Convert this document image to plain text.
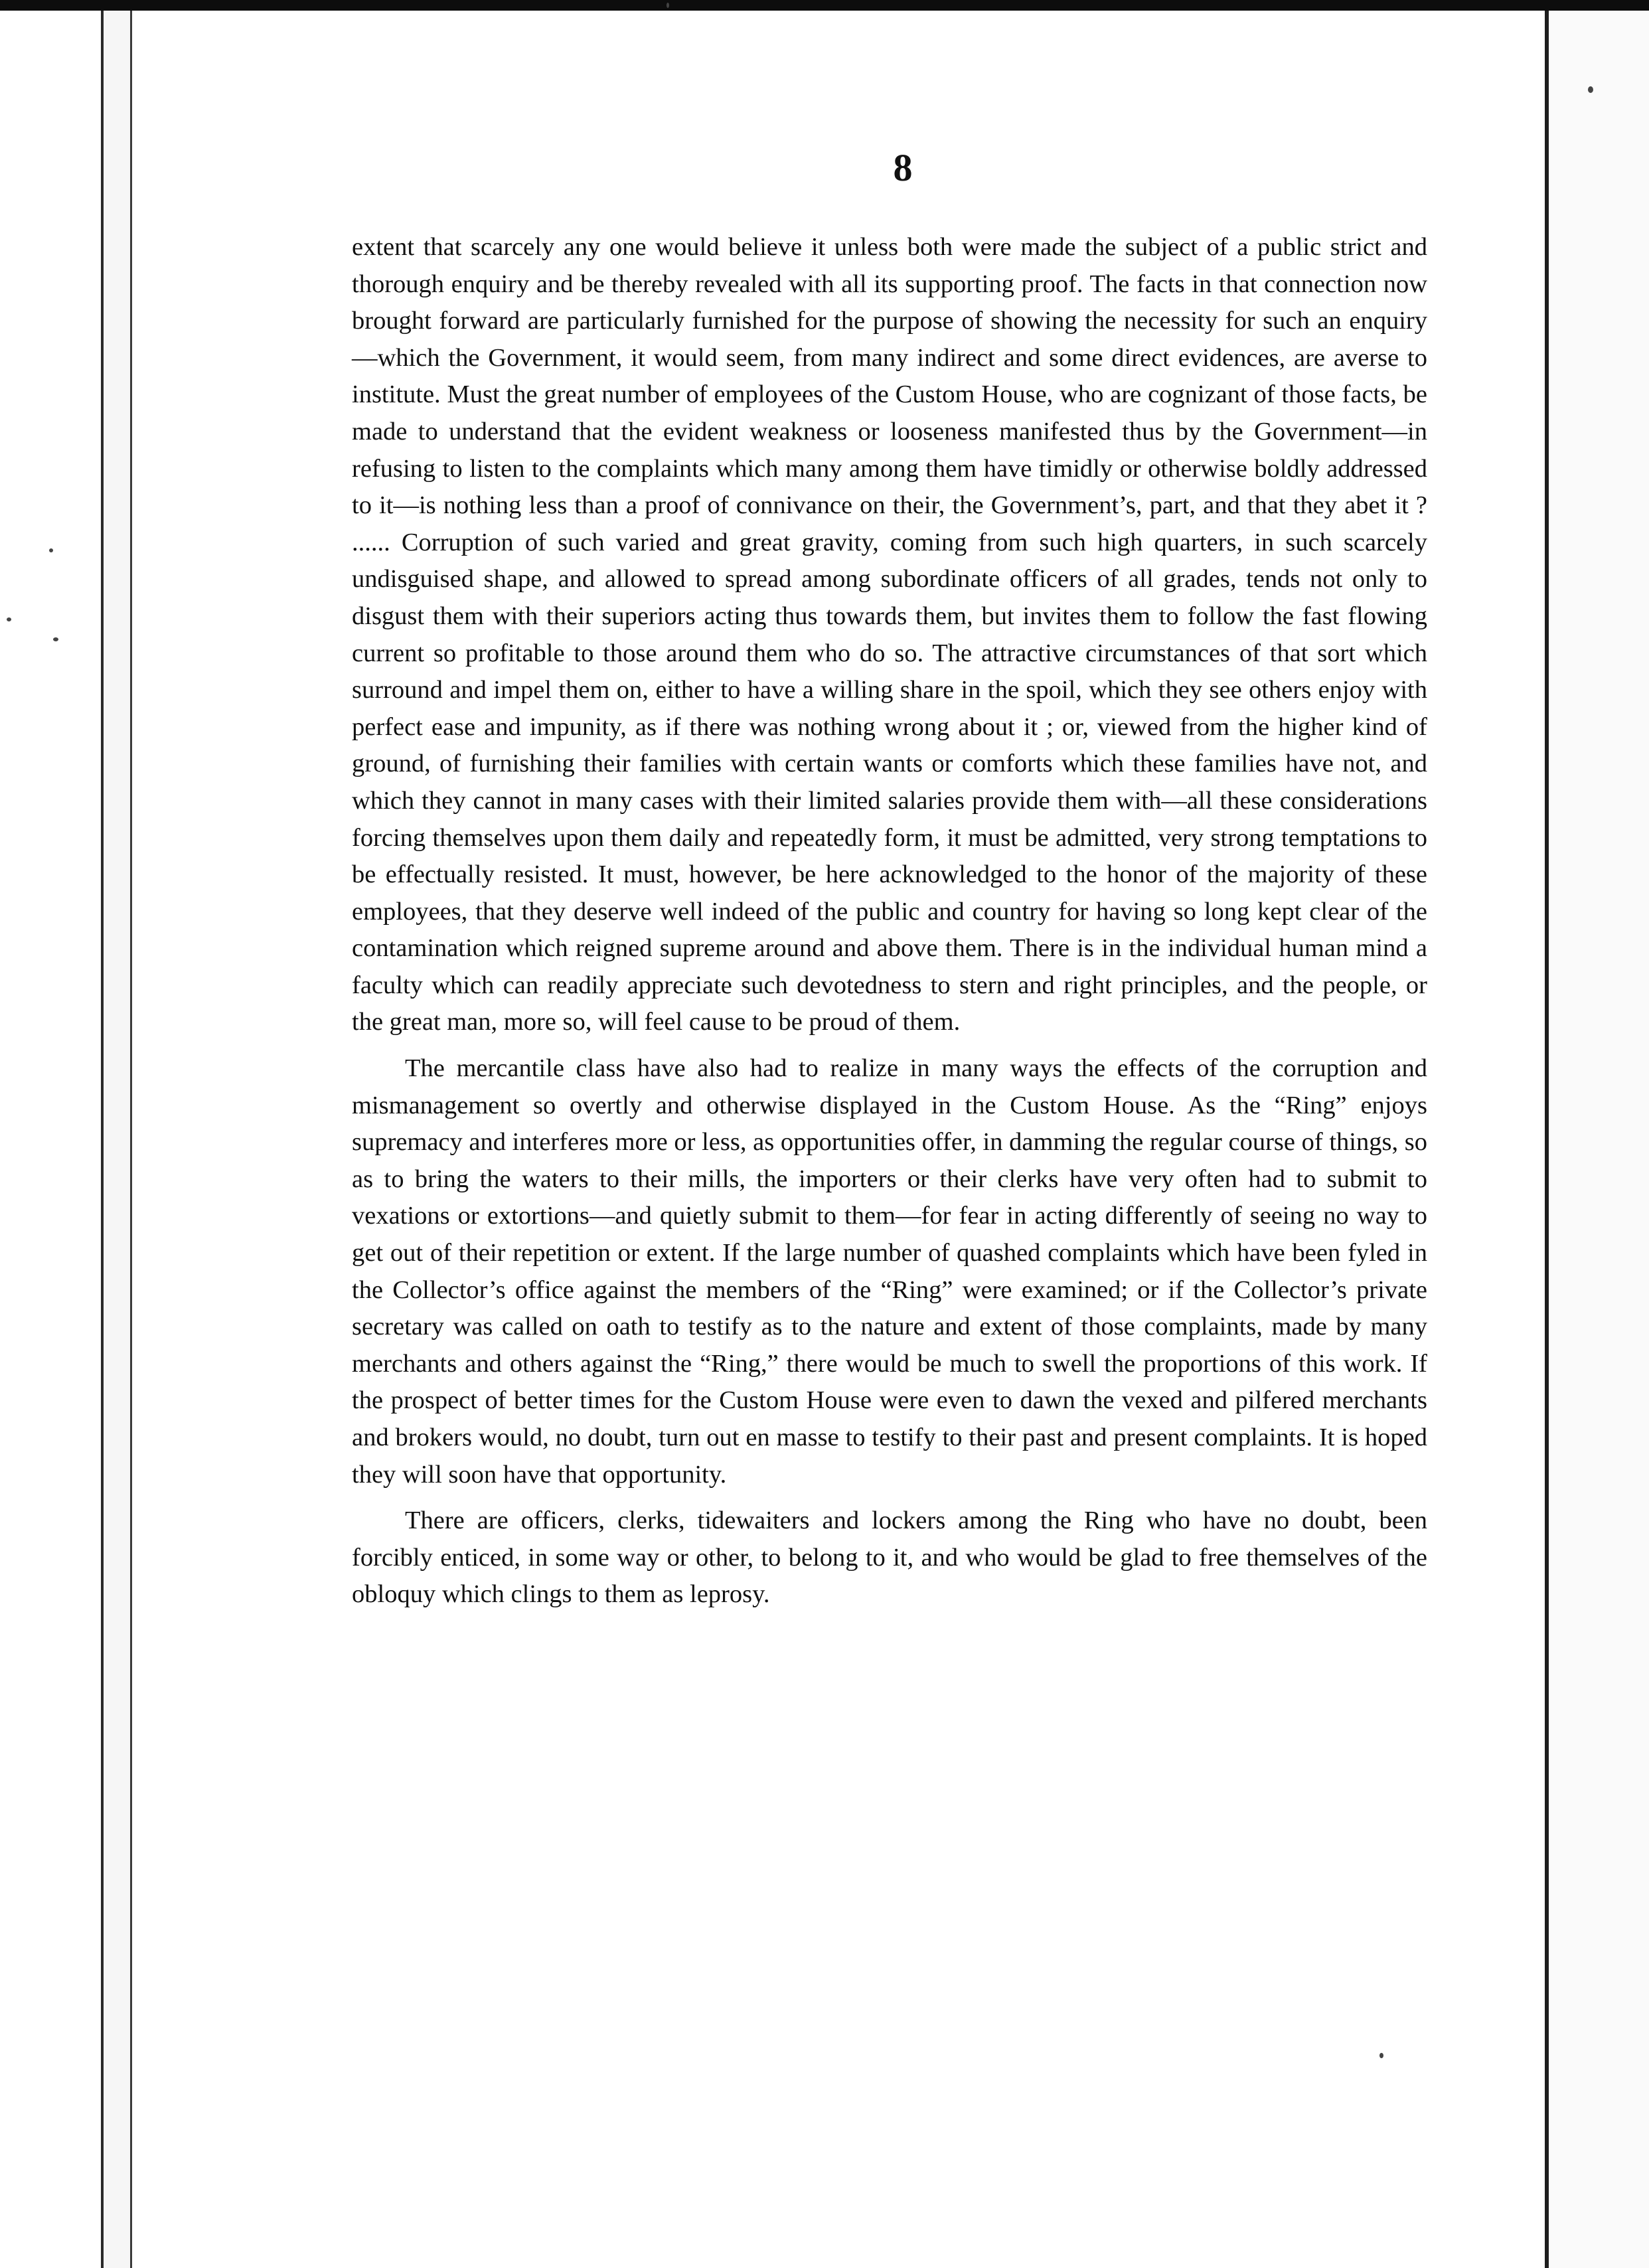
8

extent that scarcely any one would believe it unless both were made the subject of a public strict and thorough enquiry and be thereby revealed with all its supporting proof. The facts in that connection now brought forward are particularly furnished for the purpose of showing the necessity for such an enquiry—which the Government, it would seem, from many indirect and some direct evidences, are averse to institute. Must the great number of employees of the Custom House, who are cognizant of those facts, be made to understand that the evident weakness or looseness manifested thus by the Government—in refusing to listen to the complaints which many among them have timidly or otherwise boldly addressed to it—is nothing less than a proof of connivance on their, the Government’s, part, and that they abet it ? ...... Corruption of such varied and great gravity, coming from such high quarters, in such scarcely undisguised shape, and allowed to spread among subordinate officers of all grades, tends not only to disgust them with their superiors acting thus towards them, but invites them to follow the fast flowing current so profitable to those around them who do so. The attractive circumstances of that sort which surround and impel them on, either to have a willing share in the spoil, which they see others enjoy with perfect ease and impunity, as if there was nothing wrong about it ; or, viewed from the higher kind of ground, of furnishing their families with certain wants or comforts which these families have not, and which they cannot in many cases with their limited salaries provide them with—all these considerations forcing themselves upon them daily and repeatedly form, it must be admitted, very strong temptations to be effectually resisted. It must, however, be here acknowledged to the honor of the majority of these employees, that they deserve well indeed of the public and country for having so long kept clear of the contamination which reigned supreme around and above them. There is in the individual human mind a faculty which can readily appreciate such devotedness to stern and right principles, and the people, or the great man, more so, will feel cause to be proud of them.

The mercantile class have also had to realize in many ways the effects of the corruption and mismanagement so overtly and otherwise displayed in the Custom House. As the “Ring” enjoys supremacy and interferes more or less, as opportunities offer, in damming the regular course of things, so as to bring the waters to their mills, the importers or their clerks have very often had to submit to vexations or extortions—and quietly submit to them—for fear in acting differently of seeing no way to get out of their repetition or extent. If the large number of quashed complaints which have been fyled in the Collector’s office against the members of the “Ring” were examined; or if the Collector’s private secretary was called on oath to testify as to the nature and extent of those complaints, made by many merchants and others against the “Ring,” there would be much to swell the proportions of this work. If the prospect of better times for the Custom House were even to dawn the vexed and pilfered merchants and brokers would, no doubt, turn out en masse to testify to their past and present complaints. It is hoped they will soon have that opportunity.

There are officers, clerks, tidewaiters and lockers among the Ring who have no doubt, been forcibly enticed, in some way or other, to belong to it, and who would be glad to free themselves of the obloquy which clings to them as leprosy.
